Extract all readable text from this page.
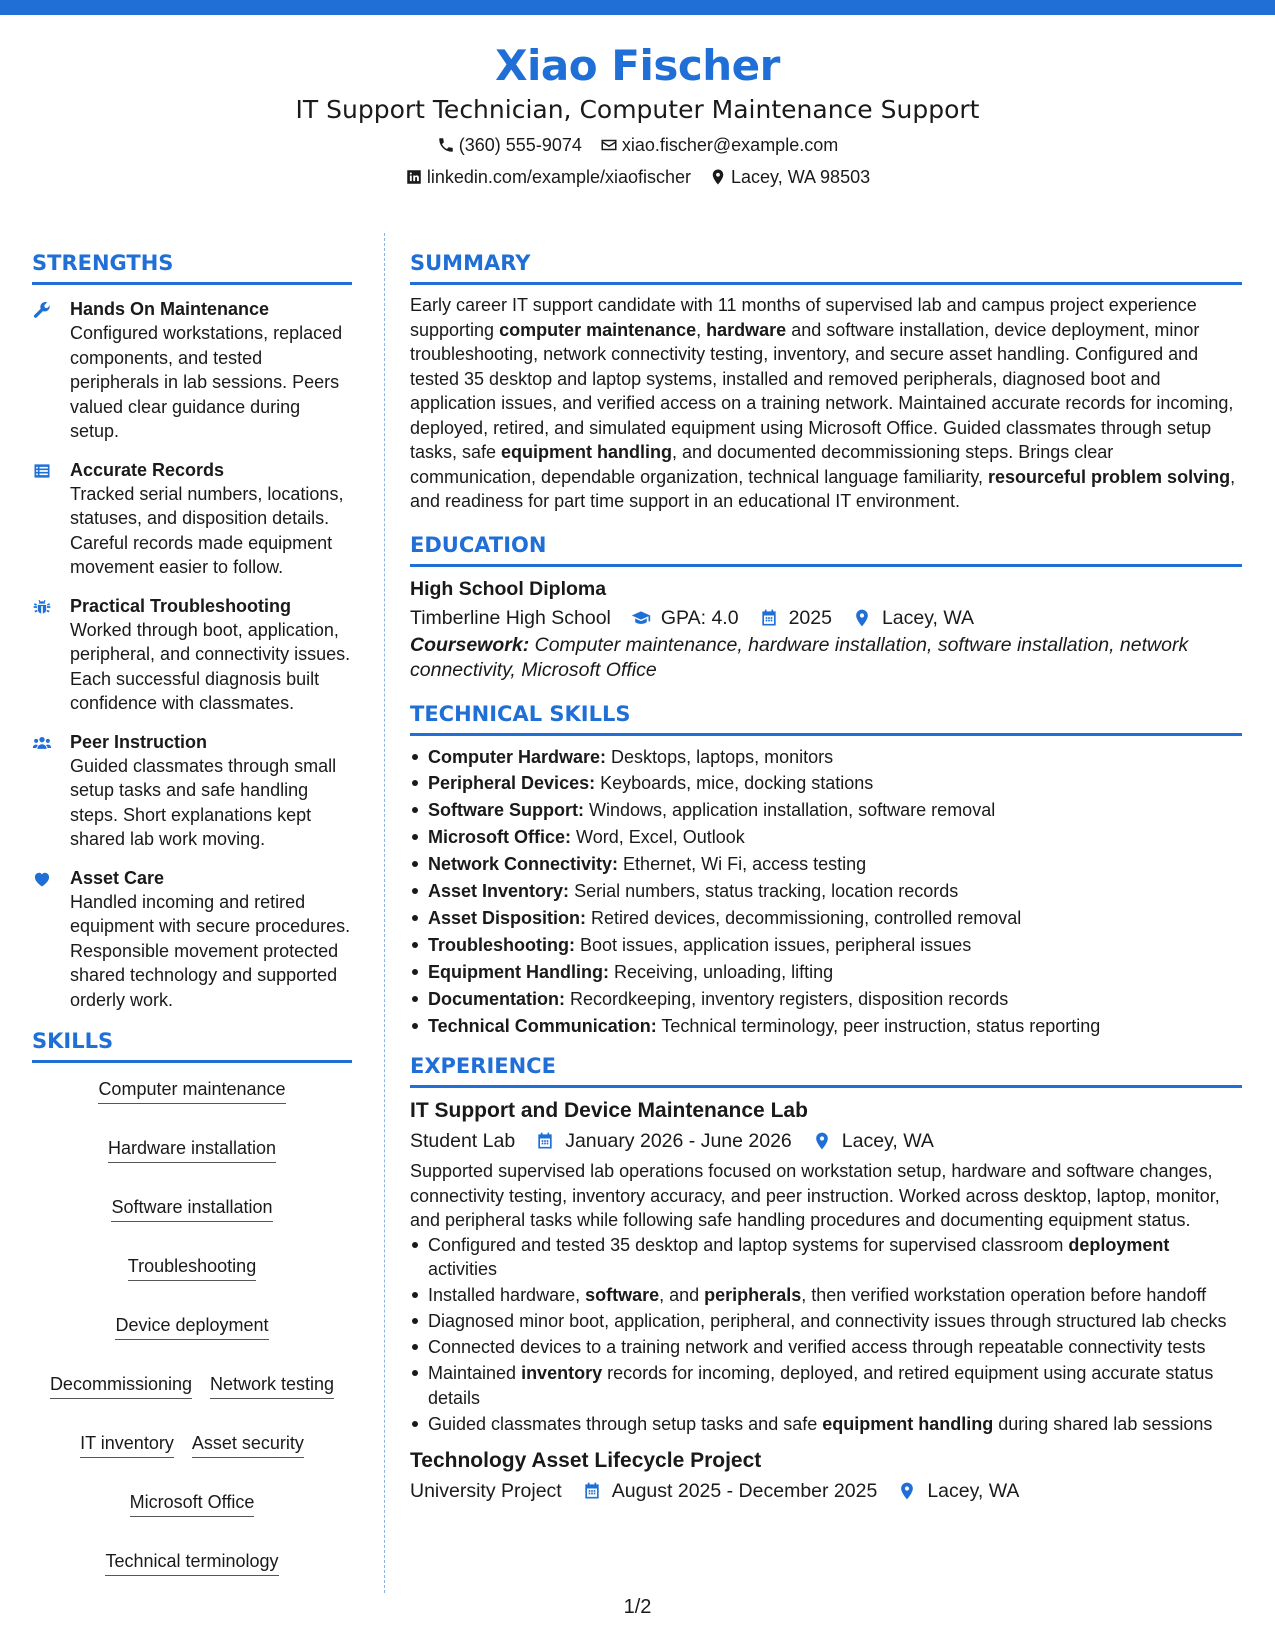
Xiao Fischer
IT Support Technician, Computer Maintenance Support
(360) 555-9074 xiao.fischer@example.com
linkedin.com/example/xiaofischer Lacey, WA 98503
STRENGTHS
Hands On Maintenance
Configured workstations, replaced components, and tested peripherals in lab sessions. Peers valued clear guidance during setup.
Accurate Records
Tracked serial numbers, locations, statuses, and disposition details. Careful records made equipment movement easier to follow.
Practical Troubleshooting
Worked through boot, application, peripheral, and connectivity issues. Each successful diagnosis built confidence with classmates.
Peer Instruction
Guided classmates through small setup tasks and safe handling steps. Short explanations kept shared lab work moving.
Asset Care
Handled incoming and retired equipment with secure procedures. Responsible movement protected shared technology and supported orderly work.
SKILLS
Computer maintenance
Hardware installation
Software installation
Troubleshooting
Device deployment
Decommissioning Network testing
IT inventory Asset security
Microsoft Office
Technical terminology
SUMMARY
Early career IT support candidate with 11 months of supervised lab and campus project experience supporting computer maintenance, hardware and software installation, device deployment, minor troubleshooting, network connectivity testing, inventory, and secure asset handling. Configured and tested 35 desktop and laptop systems, installed and removed peripherals, diagnosed boot and application issues, and verified access on a training network. Maintained accurate records for incoming, deployed, retired, and simulated equipment using Microsoft Office. Guided classmates through setup tasks, safe equipment handling, and documented decommissioning steps. Brings clear communication, dependable organization, technical language familiarity, resourceful problem solving, and readiness for part time support in an educational IT environment.
EDUCATION
High School Diploma
Timberline High School	GPA: 4.0	2025	Lacey, WA
Coursework: Computer maintenance, hardware installation, software installation, network connectivity, Microsoft Office
TECHNICAL SKILLS
Computer Hardware: Desktops, laptops, monitors
Peripheral Devices: Keyboards, mice, docking stations
Software Support: Windows, application installation, software removal
Microsoft Office: Word, Excel, Outlook
Network Connectivity: Ethernet, Wi Fi, access testing
Asset Inventory: Serial numbers, status tracking, location records
Asset Disposition: Retired devices, decommissioning, controlled removal
Troubleshooting: Boot issues, application issues, peripheral issues
Equipment Handling: Receiving, unloading, lifting
Documentation: Recordkeeping, inventory registers, disposition records
Technical Communication: Technical terminology, peer instruction, status reporting
EXPERIENCE
IT Support and Device Maintenance Lab
Student Lab	January 2026 - June 2026	Lacey, WA
Supported supervised lab operations focused on workstation setup, hardware and software changes, connectivity testing, inventory accuracy, and peer instruction. Worked across desktop, laptop, monitor, and peripheral tasks while following safe handling procedures and documenting equipment status.
Configured and tested 35 desktop and laptop systems for supervised classroom deployment activities
Installed hardware, software, and peripherals, then verified workstation operation before handoff
Diagnosed minor boot, application, peripheral, and connectivity issues through structured lab checks
Connected devices to a training network and verified access through repeatable connectivity tests
Maintained inventory records for incoming, deployed, and retired equipment using accurate status details
Guided classmates through setup tasks and safe equipment handling during shared lab sessions
Technology Asset Lifecycle Project
University Project	August 2025 - December 2025	Lacey, WA
1/2
